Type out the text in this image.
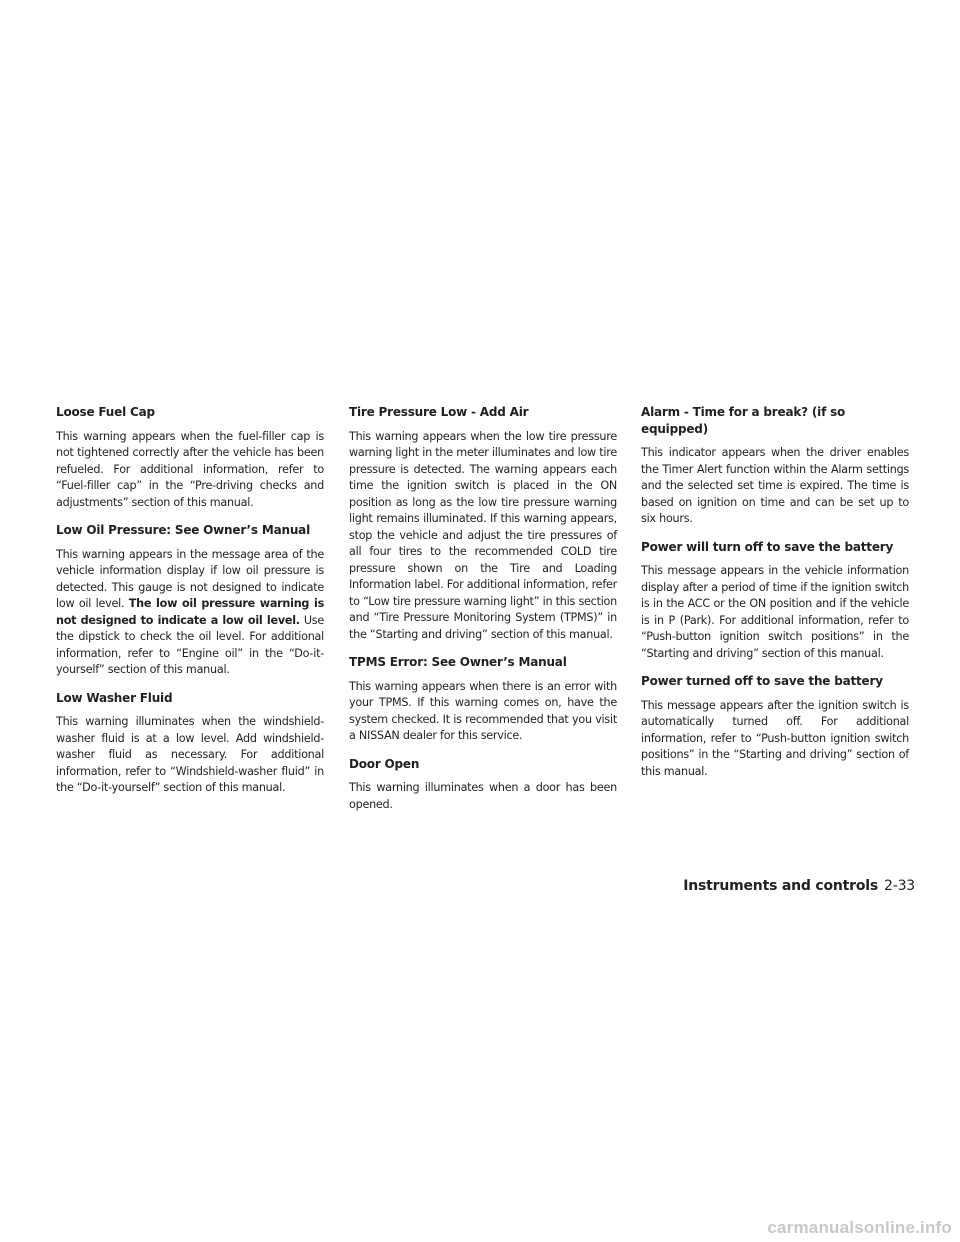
Loose Fuel Cap

This warning appears when the fuel-filler cap is not tightened correctly after the vehicle has been refueled. For additional information, refer to “Fuel-filler cap” in the “Pre-driving checks and adjustments” section of this manual.

Low Oil Pressure: See Owner’s Manual

This warning appears in the message area of the vehicle information display if low oil pressure is detected. This gauge is not designed to indicate low oil level. The low oil pressure warning is not designed to indicate a low oil level. Use the dipstick to check the oil level. For additional information, refer to “Engine oil” in the “Do-it-yourself” section of this manual.

Low Washer Fluid

This warning illuminates when the windshield-washer fluid is at a low level. Add windshield-washer fluid as necessary. For additional information, refer to “Windshield-washer fluid” in the “Do-it-yourself” section of this manual.

Tire Pressure Low - Add Air

This warning appears when the low tire pressure warning light in the meter illuminates and low tire pressure is detected. The warning appears each time the ignition switch is placed in the ON position as long as the low tire pressure warning light remains illuminated. If this warning appears, stop the vehicle and adjust the tire pressures of all four tires to the recommended COLD tire pressure shown on the Tire and Loading Information label. For additional information, refer to “Low tire pressure warning light” in this section and “Tire Pressure Monitoring System (TPMS)” in the “Starting and driving” section of this manual.

TPMS Error: See Owner’s Manual

This warning appears when there is an error with your TPMS. If this warning comes on, have the system checked. It is recommended that you visit a NISSAN dealer for this service.

Door Open

This warning illuminates when a door has been opened.

Alarm - Time for a break? (if so equipped)

This indicator appears when the driver enables the Timer Alert function within the Alarm settings and the selected set time is expired. The time is based on ignition on time and can be set up to six hours.

Power will turn off to save the battery

This message appears in the vehicle information display after a period of time if the ignition switch is in the ACC or the ON position and if the vehicle is in P (Park). For additional information, refer to “Push-button ignition switch positions” in the “Starting and driving” section of this manual.

Power turned off to save the battery

This message appears after the ignition switch is automatically turned off. For additional information, refer to “Push-button ignition switch positions” in the “Starting and driving” section of this manual.

Instruments and controls 2-33
carmanualsonline.info
